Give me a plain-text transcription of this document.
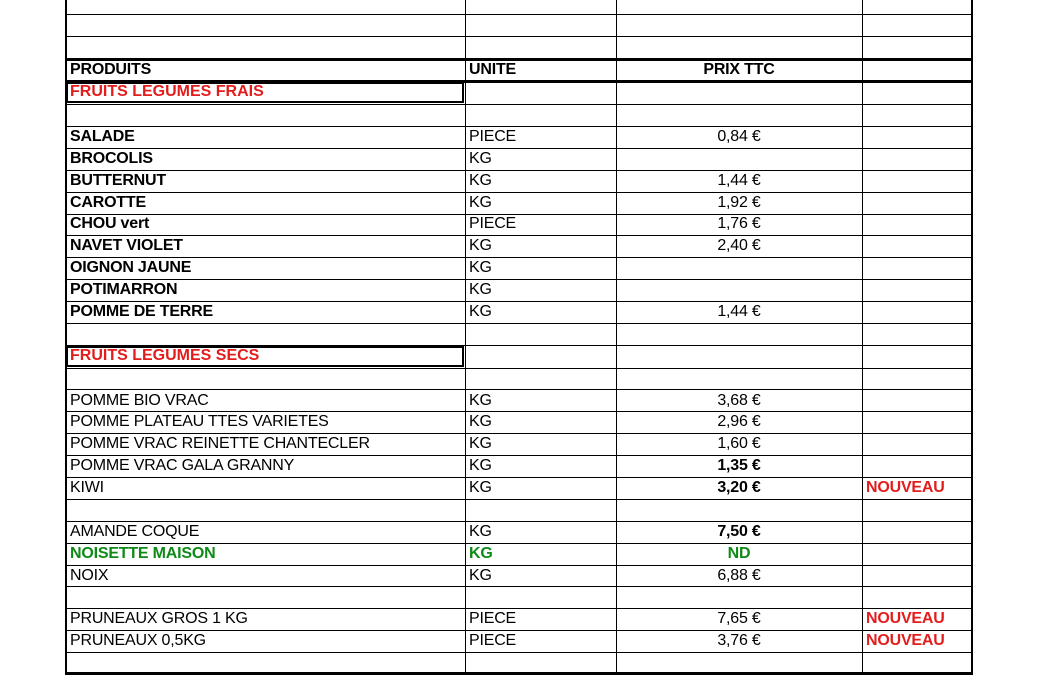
PRODUITS	UNITE	PRIX TTC
FRUITS LEGUMES FRAIS
SALADE	PIECE	0,84 €
BROCOLIS	KG
BUTTERNUT	KG	1,44 €
CAROTTE	KG	1,92 €
CHOU vert	PIECE	1,76 €
NAVET VIOLET	KG	2,40 €
OIGNON JAUNE	KG
POTIMARRON	KG
POMME DE TERRE	KG	1,44 €
FRUITS LEGUMES SECS
POMME BIO VRAC	KG	3,68 €
POMME PLATEAU TTES VARIETES	KG	2,96 €
POMME VRAC REINETTE CHANTECLER	KG	1,60 €
POMME VRAC GALA GRANNY	KG	1,35 €
KIWI	KG	3,20 €	NOUVEAU
AMANDE COQUE	KG	7,50 €
NOISETTE MAISON	KG	ND
NOIX	KG	6,88 €
PRUNEAUX GROS 1 KG	PIECE	7,65 €	NOUVEAU
PRUNEAUX 0,5KG	PIECE	3,76 €	NOUVEAU
